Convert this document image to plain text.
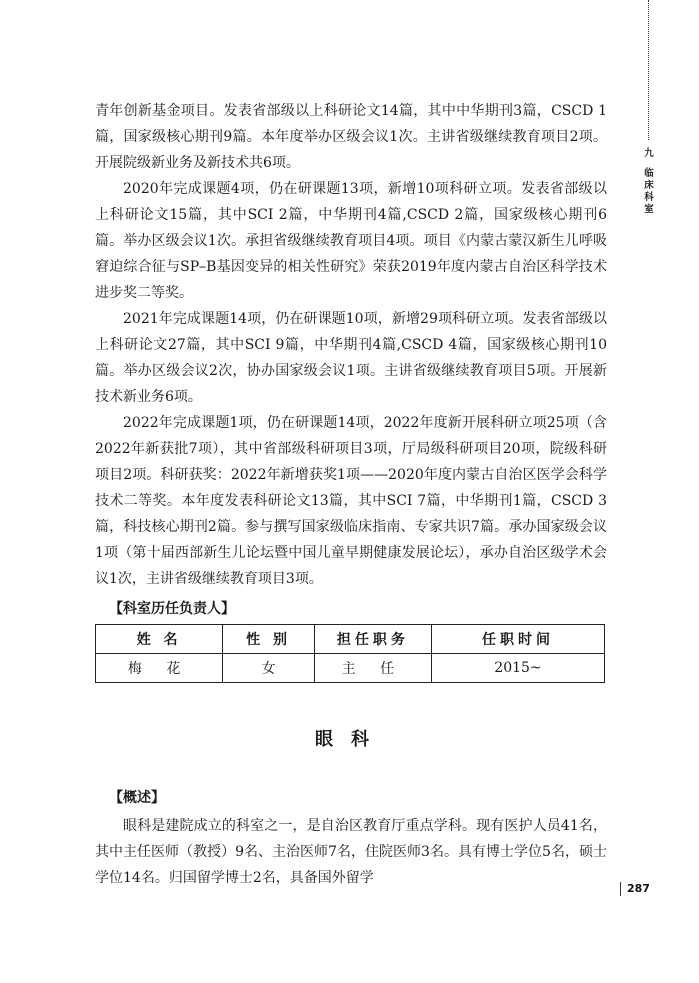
九
临
床
科
室

青年创新基金项目。发表省部级以上科研论文14篇，其中中华期刊3篇，CSCD 1篇，国家级核心期刊9篇。本年度举办区级会议1次。主讲省级继续教育项目2项。开展院级新业务及新技术共6项。

2020年完成课题4项，仍在研课题13项，新增10项科研立项。发表省部级以上科研论文15篇，其中SCI 2篇，中华期刊4篇,CSCD 2篇，国家级核心期刊6篇。举办区级会议1次。承担省级继续教育项目4项。项目《内蒙古蒙汉新生儿呼吸窘迫综合征与SP–B基因变异的相关性研究》荣获2019年度内蒙古自治区科学技术进步奖二等奖。

2021年完成课题14项，仍在研课题10项，新增29项科研立项。发表省部级以上科研论文27篇，其中SCI 9篇，中华期刊4篇,CSCD 4篇，国家级核心期刊10篇。举办区级会议2次，协办国家级会议1项。主讲省级继续教育项目5项。开展新技术新业务6项。

2022年完成课题1项，仍在研课题14项，2022年度新开展科研立项25项（含2022年新获批7项），其中省部级科研项目3项，厅局级科研项目20项，院级科研项目2项。科研获奖：2022年新增获奖1项——2020年度内蒙古自治区医学会科学技术二等奖。本年度发表科研论文13篇，其中SCI 7篇，中华期刊1篇，CSCD 3篇，科技核心期刊2篇。参与撰写国家级临床指南、专家共识7篇。承办国家级会议1项（第十届西部新生儿论坛暨中国儿童早期健康发展论坛），承办自治区级学术会议1次，主讲省级继续教育项目3项。

【科室历任负责人】
姓 名	性 别	担任职务	任职时间
梅 花	女	主 任	2015~
眼科
【概述】

眼科是建院成立的科室之一，是自治区教育厅重点学科。现有医护人员41名，其中主任医师（教授）9名、主治医师7名，住院医师3名。具有博士学位5名，硕士学位14名。归国留学博士2名，具备国外留学

287
